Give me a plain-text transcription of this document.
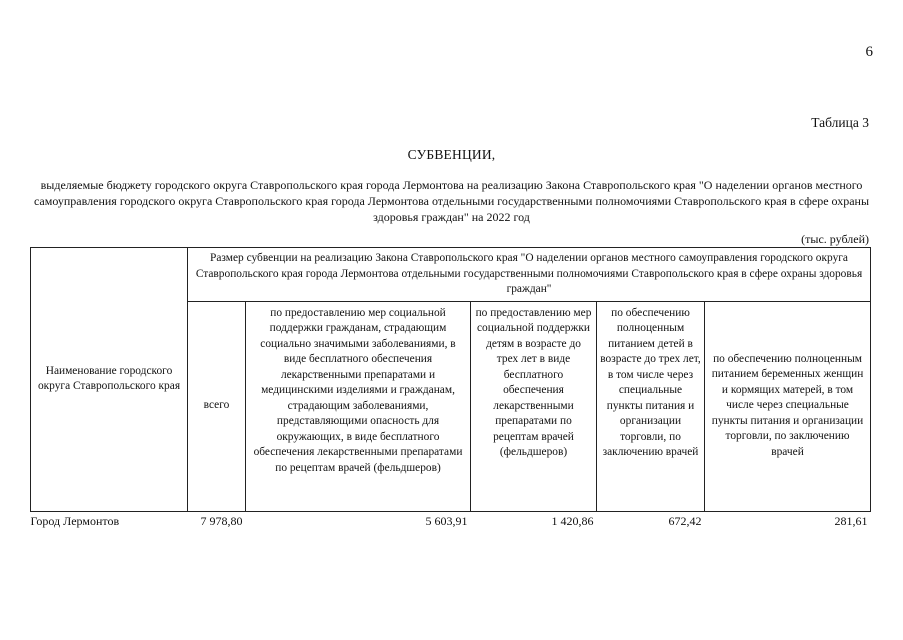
6
Таблица 3
СУБВЕНЦИИ,
выделяемые бюджету городского округа Ставропольского края города Лермонтова на реализацию Закона Ставропольского края "О наделении органов местного самоуправления городского округа Ставропольского края города Лермонтова отдельными государственными полномочиями Ставропольского края в сфере охраны здоровья граждан" на 2022 год
(тыс. рублей)
Наименование городского округа Ставропольского края	Размер субвенции на реализацию Закона Ставропольского края "О наделении органов местного самоуправления городского округа Ставропольского края города Лермонтова отдельными государственными полномочиями Ставропольского края в сфере охраны здоровья граждан"				
	всего	по предоставлению мер социальной поддержки гражданам, страдающим социально значимыми заболеваниями, в виде бесплатного обеспечения лекарственными препаратами и медицинскими изделиями и гражданам, страдающим заболеваниями, представляющими опасность для окружающих, в виде бесплатного обеспечения лекарственными препаратами по рецептам врачей (фельдшеров)	по предоставлению мер социальной поддержки детям в возрасте до трех лет в виде бесплатного обеспечения лекарственными препаратами по рецептам врачей (фельдшеров)	по обеспечению полноценным питанием детей в возрасте до трех лет, в том числе через специальные пункты питания и организации торговли, по заключению врачей	по обеспечению полноценным питанием беременных женщин и кормящих матерей, в том числе через специальные пункты питания и организации торговли, по заключению врачей
Город Лермонтов	7 978,80	5 603,91	1 420,86	672,42	281,61
